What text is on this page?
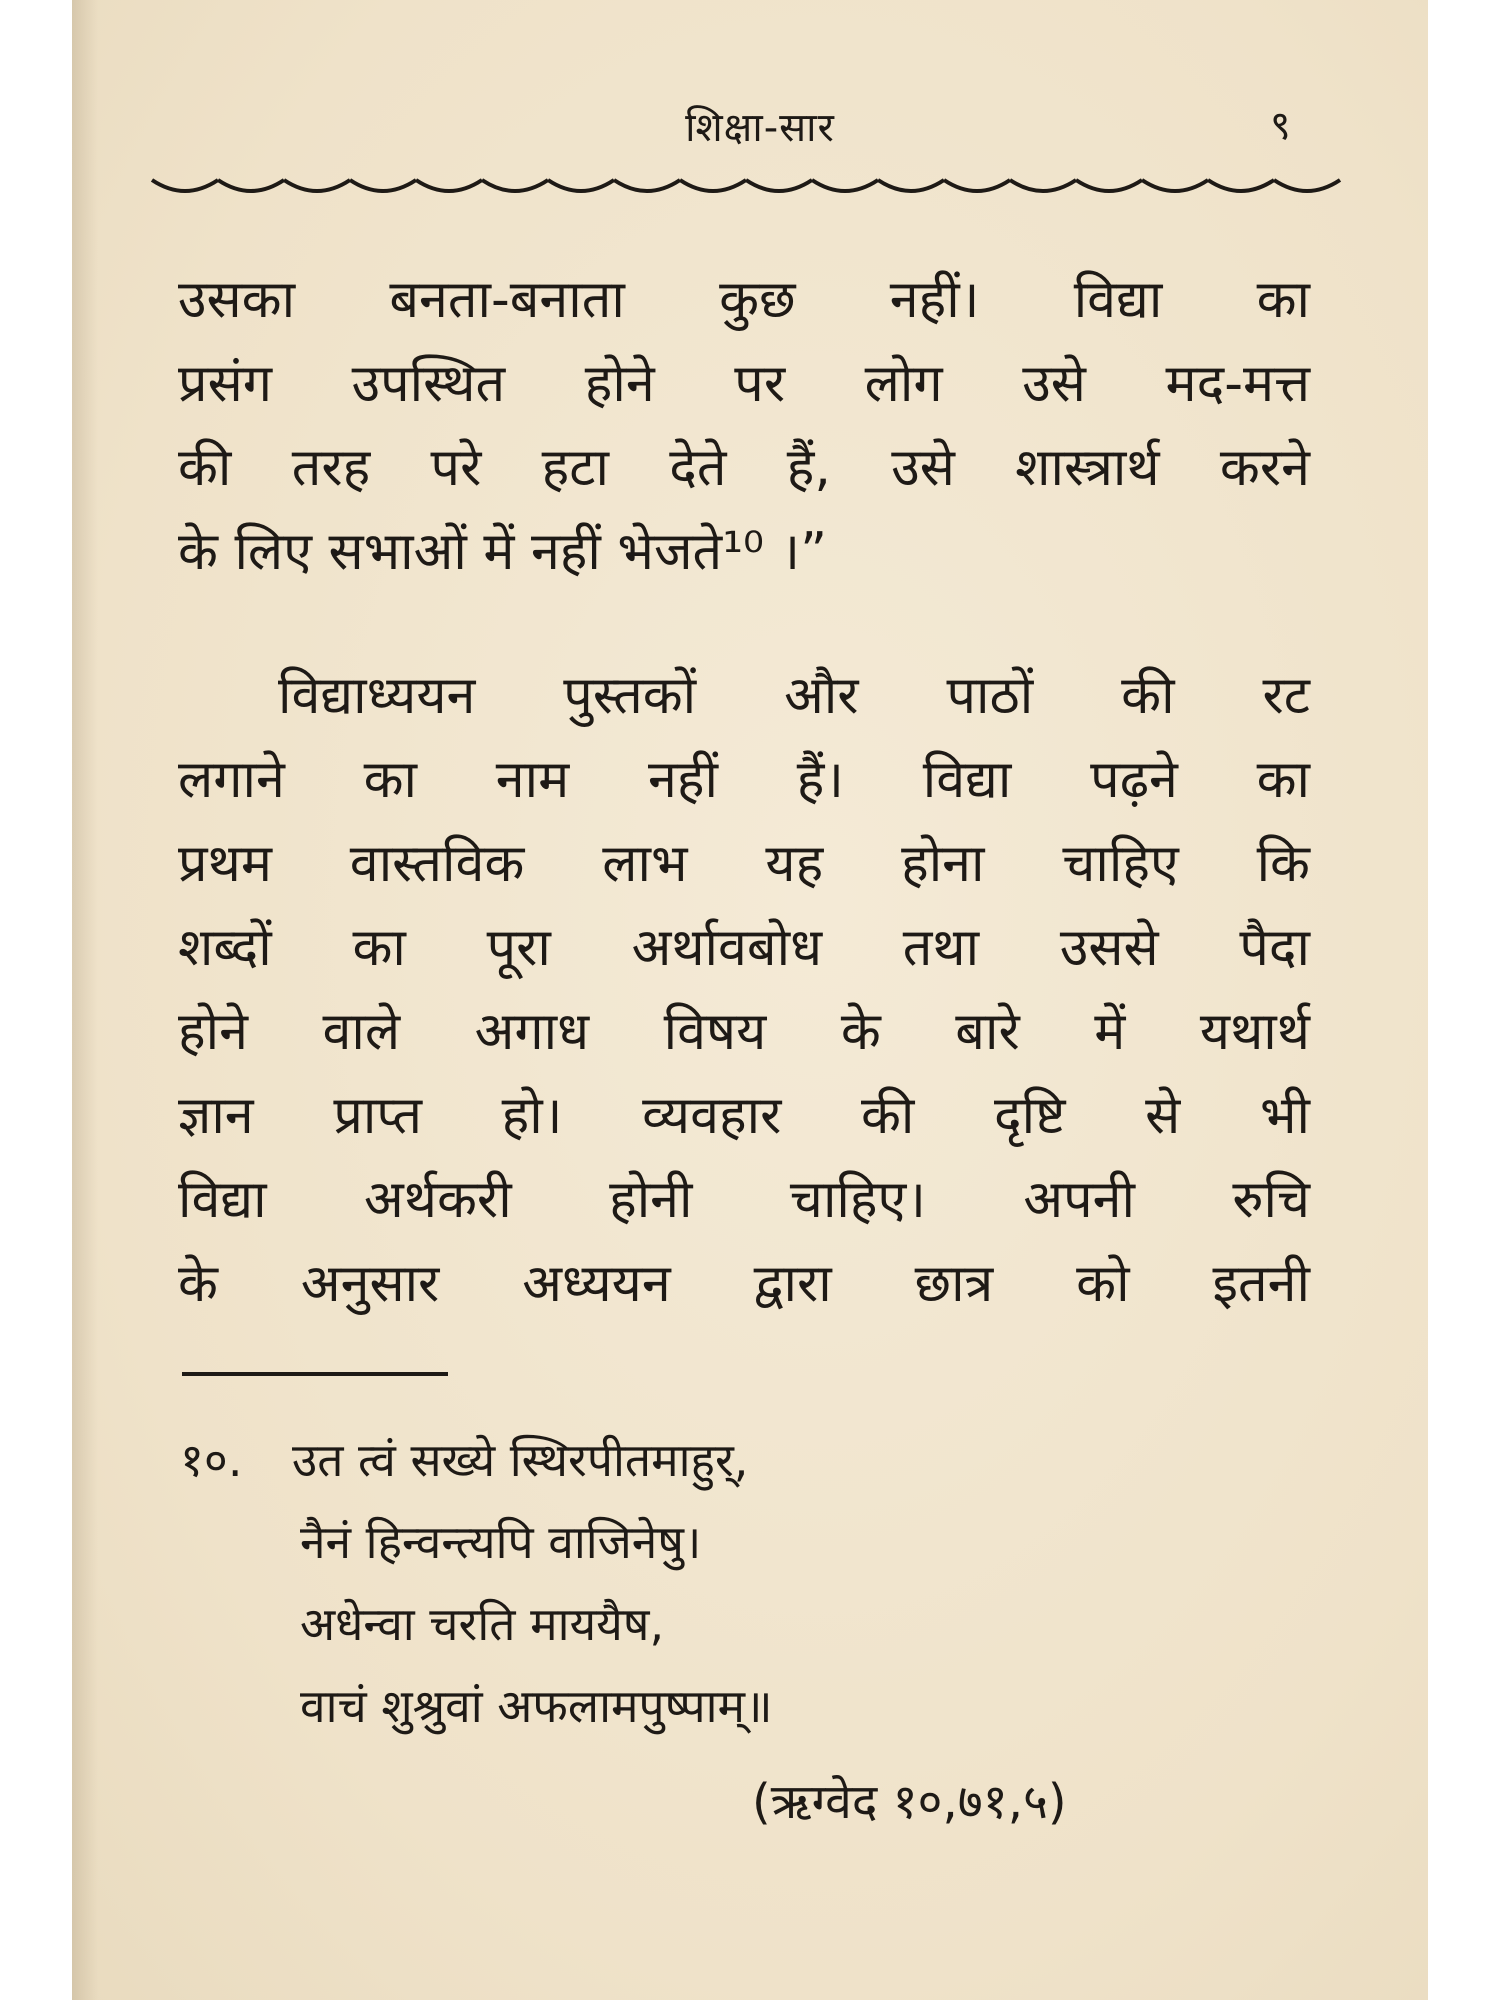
शिक्षा-सार	९
उसका बनता-बनाता कुछ नहीं। विद्या का
प्रसंग उपस्थित होने पर लोग उसे मद-मत्त
की तरह परे हटा देते हैं, उसे शास्त्रार्थ करने
के लिए सभाओं में नहीं भेजते¹⁰ ।”
विद्याध्ययन पुस्तकों और पाठों की रट
लगाने का नाम नहीं हैं। विद्या पढ़ने का
प्रथम वास्तविक लाभ यह होना चाहिए कि
शब्दों का पूरा अर्थावबोध तथा उससे पैदा
होने वाले अगाध विषय के बारे में यथार्थ
ज्ञान प्राप्त हो। व्यवहार की दृष्टि से भी
विद्या अर्थकरी होनी चाहिए। अपनी रुचि
के अनुसार अध्ययन द्वारा छात्र को इतनी
१०. उत त्वं सख्ये स्थिरपीतमाहुर्,
नैनं हिन्वन्त्यपि वाजिनेषु।
अधेन्वा चरति माययैष,
वाचं शुश्रुवां अफलामपुष्पाम्॥
(ऋग्वेद १०,७१,५)
